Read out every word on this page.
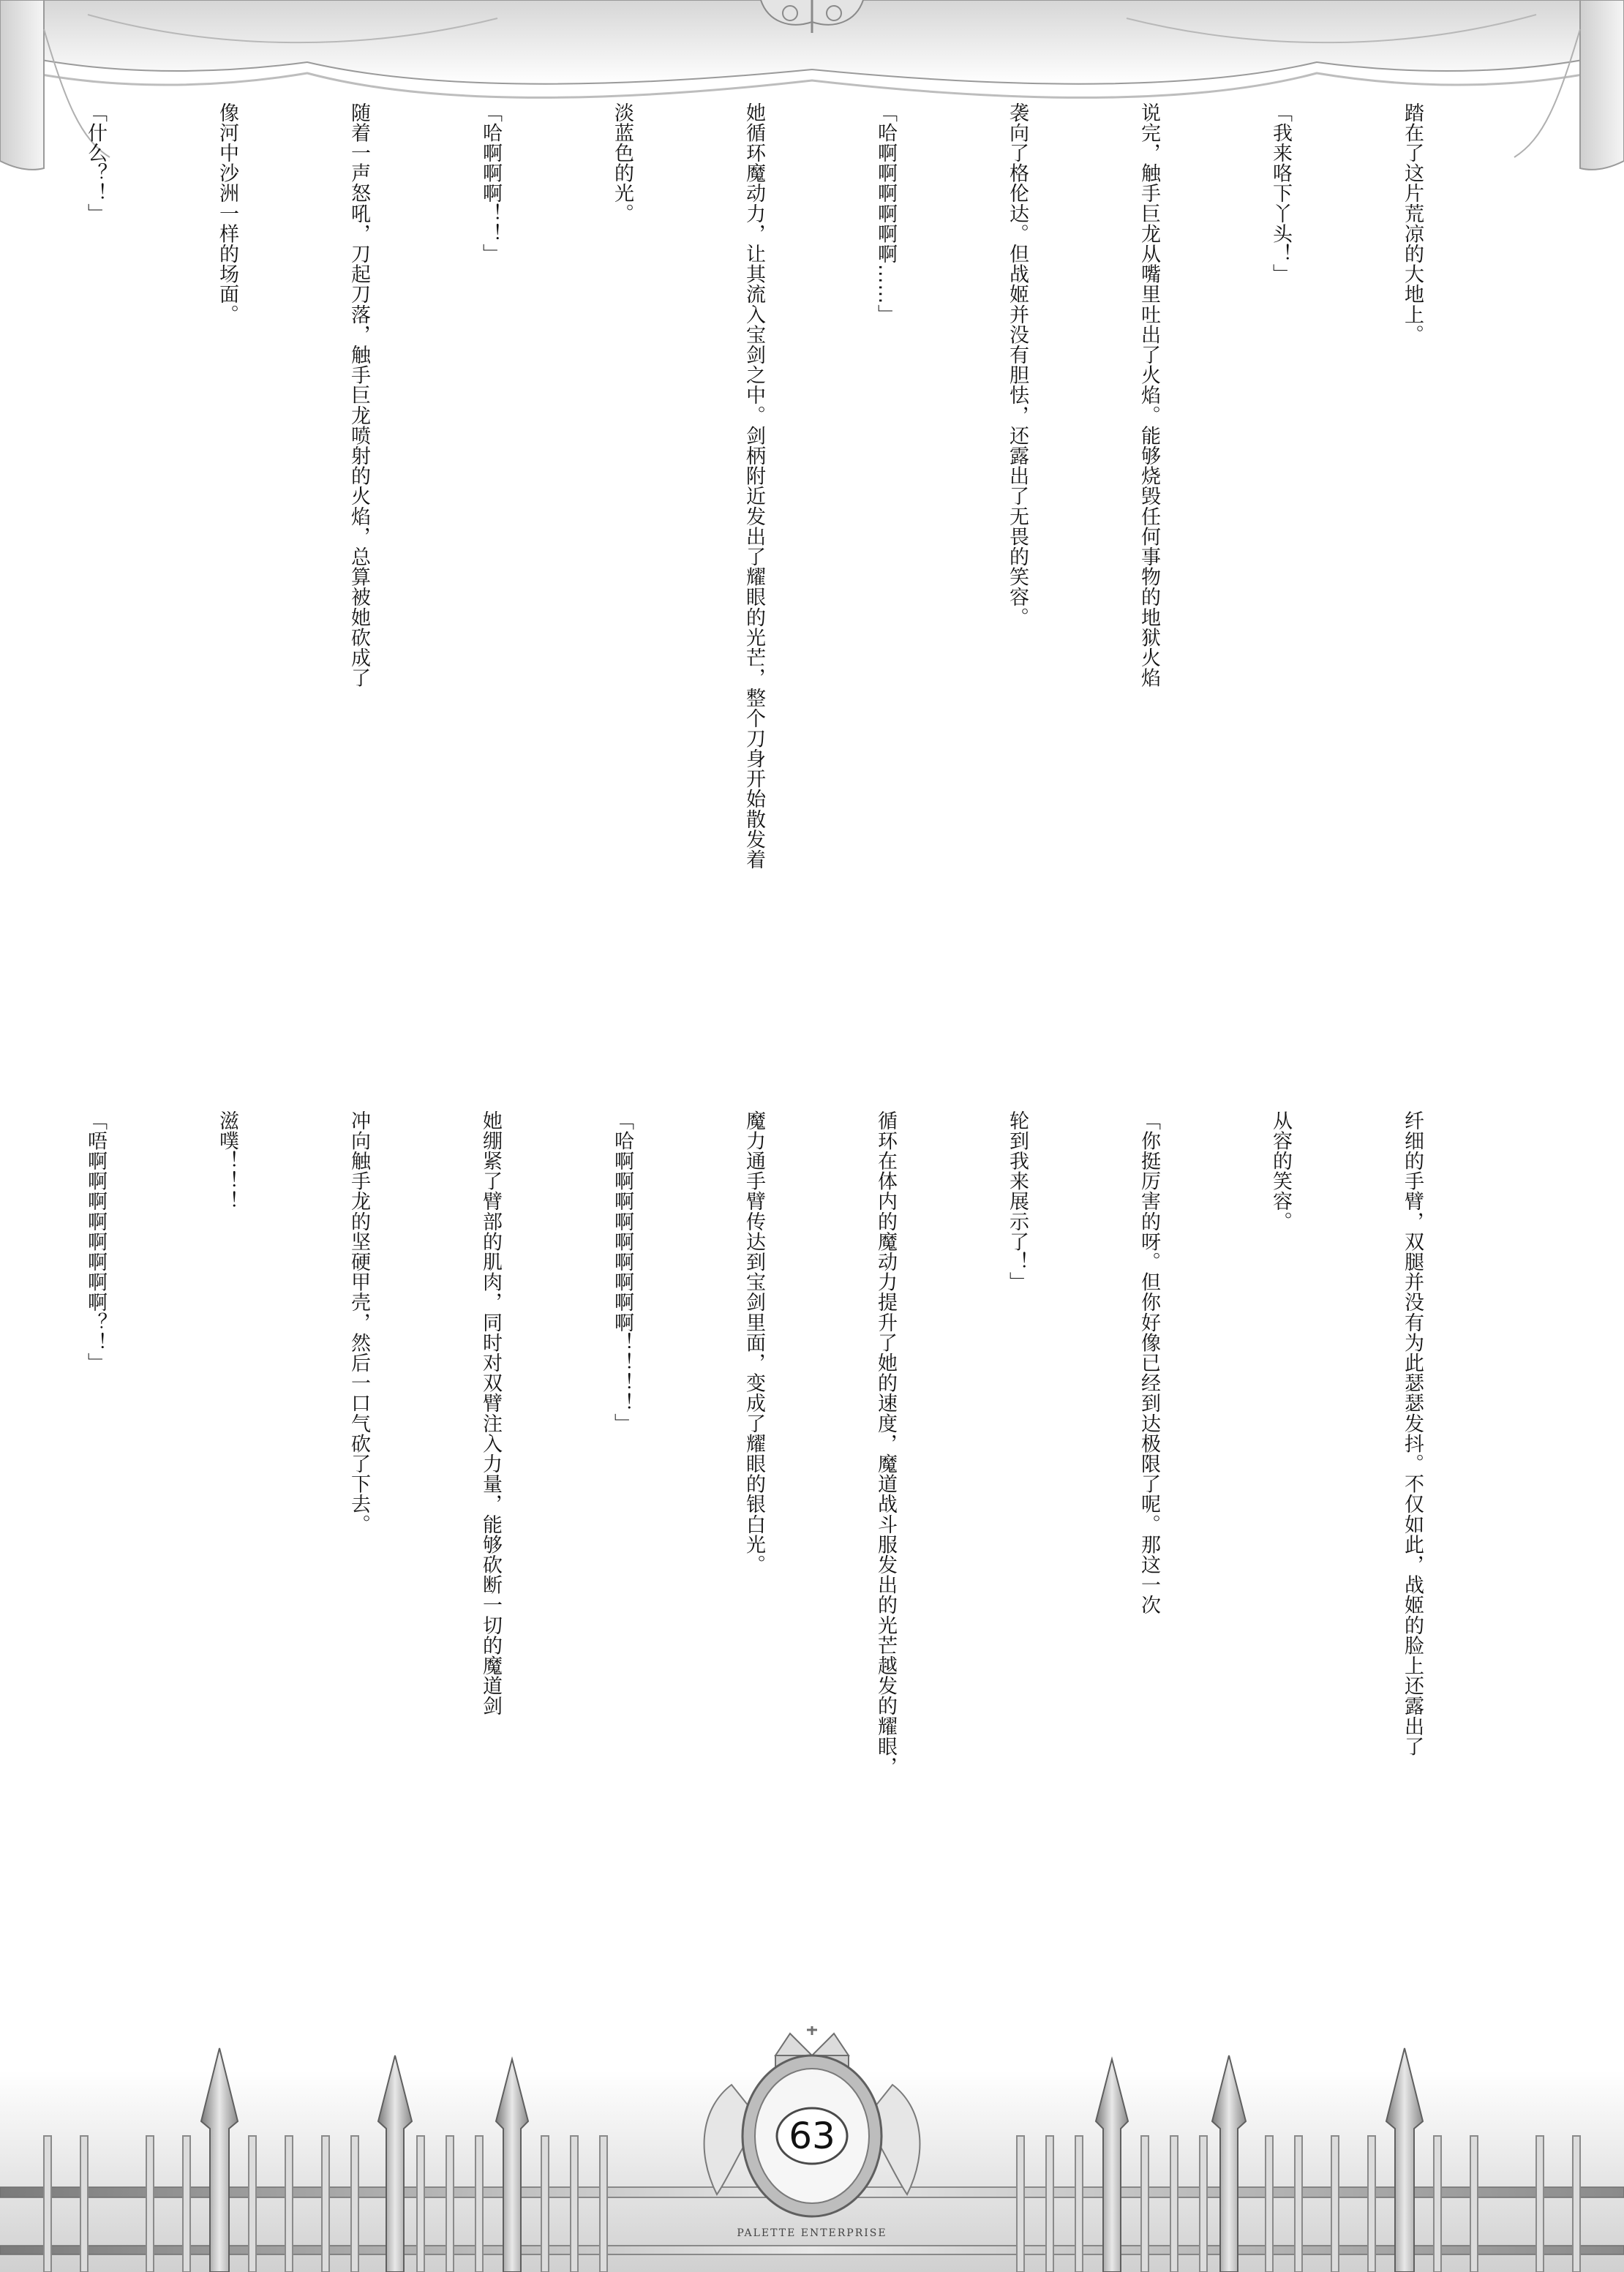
踏在了这片荒凉的大地上。

「我来咯下丫头！」

说完，触手巨龙从嘴里吐出了火焰。能够烧毁任何事物的地狱火焰

袭向了格伦达。但战姬并没有胆怯，还露出了无畏的笑容。

「哈啊啊啊啊啊啊……」

她循环魔动力，让其流入宝剑之中。剑柄附近发出了耀眼的光芒，整个刀身开始散发着

淡蓝色的光。

「哈啊啊啊！！」

随着一声怒吼，刀起刀落，触手巨龙喷射的火焰，总算被她砍成了

像河中沙洲一样的场面。

「什么？！」

纤细的手臂，双腿并没有为此瑟瑟发抖。不仅如此，战姬的脸上还露出了

从容的笑容。

「你挺厉害的呀。但你好像已经到达极限了呢。那这一次

轮到我来展示了！」

循环在体内的魔动力提升了她的速度，魔道战斗服发出的光芒越发的耀眼，

魔力通手臂传达到宝剑里面，变成了耀眼的银白光。

「哈啊啊啊啊啊啊啊啊啊！！！！」

她绷紧了臂部的肌肉，同时对双臂注入力量，能够砍断一切的魔道剑

冲向触手龙的坚硬甲壳，然后一口气砍了下去。

滋噗！！！

「唔啊啊啊啊啊啊啊啊？！」

63
PALETTE ENTERPRISE
